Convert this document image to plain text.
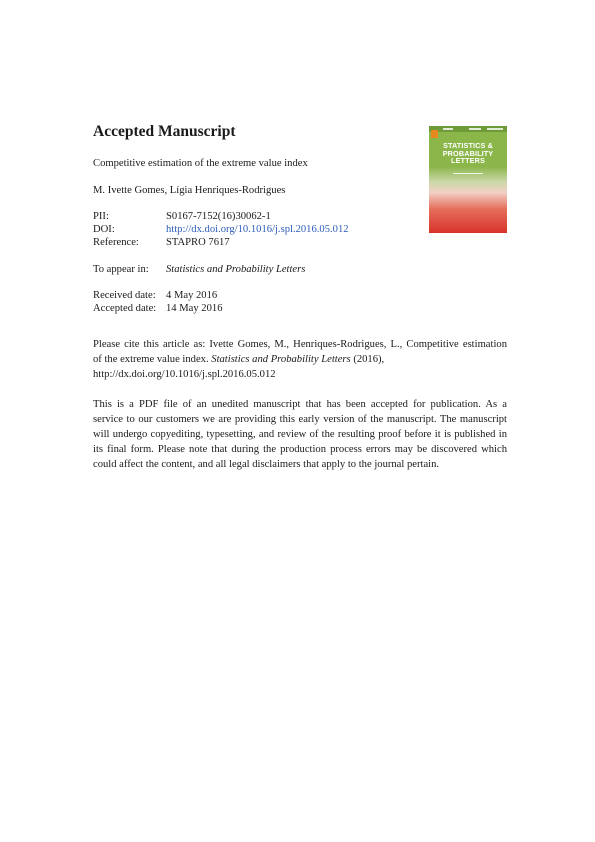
Accepted Manuscript
Competitive estimation of the extreme value index
M. Ivette Gomes, Lígia Henriques-Rodrigues
PII:	S0167-7152(16)30062-1
DOI:	http://dx.doi.org/10.1016/j.spl.2016.05.012
Reference:	STAPRO 7617
To appear in: Statistics and Probability Letters
Received date: 4 May 2016
Accepted date: 14 May 2016
Please cite this article as: Ivette Gomes, M., Henriques-Rodrigues, L., Competitive estimation
of the extreme value index. Statistics and Probability Letters (2016),
http://dx.doi.org/10.1016/j.spl.2016.05.012
This is a PDF file of an unedited manuscript that has been accepted for publication. As a
service to our customers we are providing this early version of the manuscript. The manuscript
will undergo copyediting, typesetting, and review of the resulting proof before it is published in
its final form. Please note that during the production process errors may be discovered which
could affect the content, and all legal disclaimers that apply to the journal pertain.
STATISTICS &
PROBABILITY
LETTERS
